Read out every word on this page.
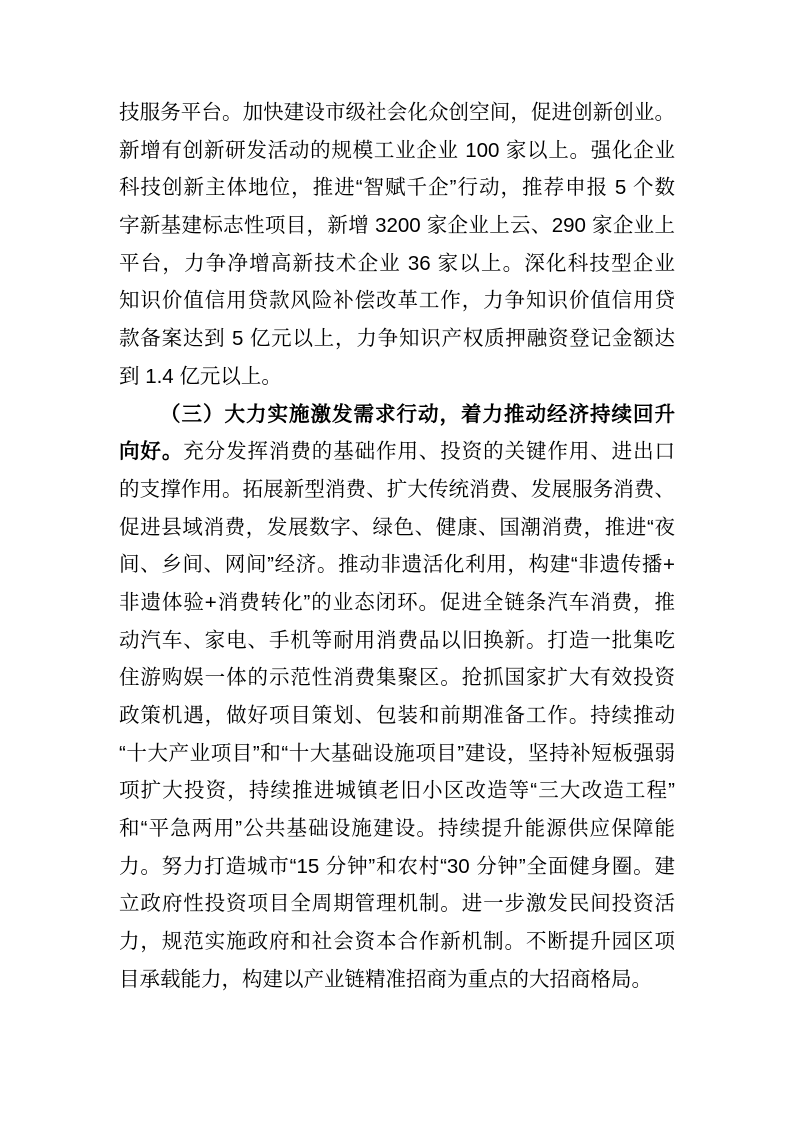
技服务平台。加快建设市级社会化众创空间，促进创新创业。
新增有创新研发活动的规模工业企业 100 家以上。强化企业
科技创新主体地位，推进“智赋千企”行动，推荐申报 5 个数
字新基建标志性项目，新增 3200 家企业上云、290 家企业上
平台，力争净增高新技术企业 36 家以上。深化科技型企业
知识价值信用贷款风险补偿改革工作，力争知识价值信用贷
款备案达到 5 亿元以上，力争知识产权质押融资登记金额达
到 1.4 亿元以上。
（三）大力实施激发需求行动，着力推动经济持续回升
向好。充分发挥消费的基础作用、投资的关键作用、进出口
的支撑作用。拓展新型消费、扩大传统消费、发展服务消费、
促进县域消费，发展数字、绿色、健康、国潮消费，推进“夜
间、乡间、网间”经济。推动非遗活化利用，构建“非遗传播+
非遗体验+消费转化”的业态闭环。促进全链条汽车消费，推
动汽车、家电、手机等耐用消费品以旧换新。打造一批集吃
住游购娱一体的示范性消费集聚区。抢抓国家扩大有效投资
政策机遇，做好项目策划、包装和前期准备工作。持续推动
“十大产业项目”和“十大基础设施项目”建设，坚持补短板强弱
项扩大投资，持续推进城镇老旧小区改造等“三大改造工程”
和“平急两用”公共基础设施建设。持续提升能源供应保障能
力。努力打造城市“15 分钟”和农村“30 分钟”全面健身圈。建
立政府性投资项目全周期管理机制。进一步激发民间投资活
力，规范实施政府和社会资本合作新机制。不断提升园区项
目承载能力，构建以产业链精准招商为重点的大招商格局。
